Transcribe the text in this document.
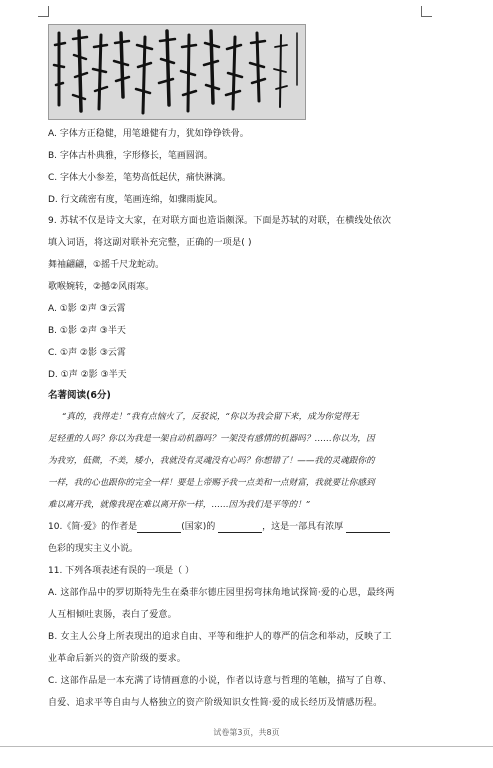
A. 字体方正稳健，用笔雄健有力，犹如铮铮铁骨。
B. 字体古朴典雅，字形修长，笔画圆润。
C. 字体大小参差，笔势高低起伏，痛快淋漓。
D. 行文疏密有度，笔画连绵，如骤雨旋风。
9. 苏轼不仅是诗文大家，在对联方面也造诣颇深。下面是苏轼的对联，在横线处依次
填入词语，将这副对联补充完整，正确的一项是( )
舞袖翩翩，①摇千尺龙蛇动。
歌喉婉转，②撼②风雨寒。
A. ①影 ②声 ③云霄
B. ①影 ②声 ③半天
C. ①声 ②影 ③云霄
D. ①声 ②影 ③半天
名著阅读(6分)
“真的，我得走！”我有点恼火了，反驳说，“你以为我会留下来，成为你觉得无
足轻重的人吗？你以为我是一架自动机器吗？一架没有感情的机器吗？……你以为，因
为我穷，低微，不美，矮小，我就没有灵魂没有心吗？你想错了！——我的灵魂跟你的
一样，我的心也跟你的完全一样！要是上帝赐予我一点美和一点财富，我就要让你感到
难以离开我，就像我现在难以离开你一样，……因为我们是平等的！”
10.《简·爱》的作者是	(国家)的	，这是一部具有浓厚
色彩的现实主义小说。
11. 下列各项表述有误的一项是（ ）
A. 这部作品中的罗切斯特先生在桑菲尔德庄园里拐弯抹角地试探简·爱的心思，最终两
人互相倾吐衷肠，表白了爱意。
B. 女主人公身上所表现出的追求自由、平等和维护人的尊严的信念和举动，反映了工
业革命后新兴的资产阶级的要求。
C. 这部作品是一本充满了诗情画意的小说，作者以诗意与哲理的笔触，描写了自尊、
自爱、追求平等自由与人格独立的资产阶级知识女性简·爱的成长经历及情感历程。
试卷第3页，共8页
